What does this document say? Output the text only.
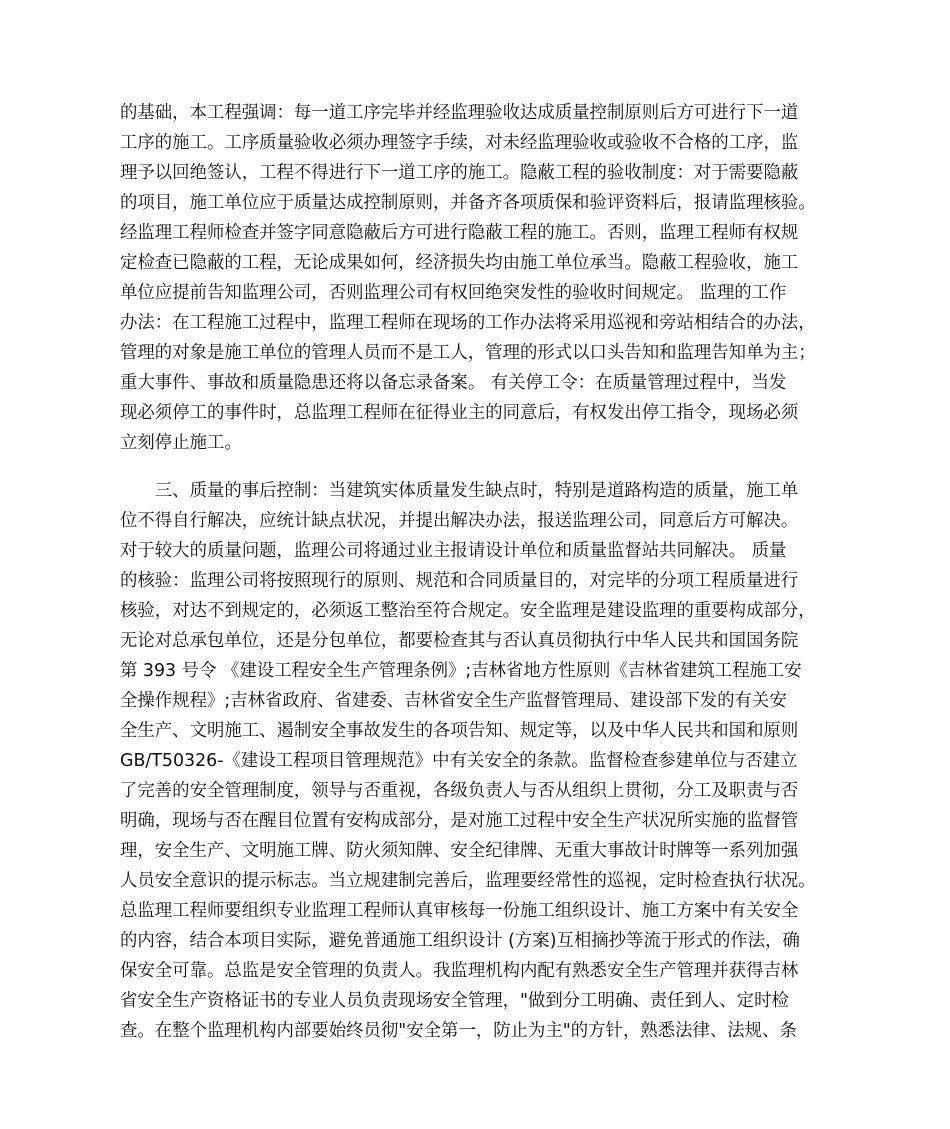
的基础，本工程强调：每一道工序完毕并经监理验收达成质量控制原则后方可进行下一道
工序的施工。工序质量验收必须办理签字手续，对未经监理验收或验收不合格的工序，监
理予以回绝签认，工程不得进行下一道工序的施工。隐蔽工程的验收制度：对于需要隐蔽
的项目，施工单位应于质量达成控制原则，并备齐各项质保和验评资料后，报请监理核验。
经监理工程师检查并签字同意隐蔽后方可进行隐蔽工程的施工。否则，监理工程师有权规
定检查已隐蔽的工程，无论成果如何，经济损失均由施工单位承当。隐蔽工程验收，施工
单位应提前告知监理公司，否则监理公司有权回绝突发性的验收时间规定。 监理的工作
办法：在工程施工过程中，监理工程师在现场的工作办法将采用巡视和旁站相结合的办法，
管理的对象是施工单位的管理人员而不是工人，管理的形式以口头告知和监理告知单为主；
重大事件、事故和质量隐患还将以备忘录备案。 有关停工令：在质量管理过程中，当发
现必须停工的事件时，总监理工程师在征得业主的同意后，有权发出停工指令，现场必须
立刻停止施工。
　　三、质量的事后控制：当建筑实体质量发生缺点时，特别是道路构造的质量，施工单
位不得自行解决，应统计缺点状况，并提出解决办法，报送监理公司，同意后方可解决。
对于较大的质量问题，监理公司将通过业主报请设计单位和质量监督站共同解决。 质量
的核验：监理公司将按照现行的原则、规范和合同质量目的，对完毕的分项工程质量进行
核验，对达不到规定的，必须返工整治至符合规定。安全监理是建设监理的重要构成部分，
无论对总承包单位，还是分包单位，都要检查其与否认真员彻执行中华人民共和国国务院
第 393 号令 《建设工程安全生产管理条例》;吉林省地方性原则《吉林省建筑工程施工安
全操作规程》;吉林省政府、省建委、吉林省安全生产监督管理局、建设部下发的有关安
全生产、文明施工、遏制安全事故发生的各项告知、规定等，以及中华人民共和国和原则
GB/T50326-《建设工程项目管理规范》中有关安全的条款。监督检查参建单位与否建立
了完善的安全管理制度，领导与否重视，各级负责人与否从组织上贯彻，分工及职责与否
明确，现场与否在醒目位置有安构成部分，是对施工过程中安全生产状况所实施的监督管
理，安全生产、文明施工牌、防火须知牌、安全纪律牌、无重大事故计时牌等一系列加强
人员安全意识的提示标志。当立规建制完善后，监理要经常性的巡视，定时检查执行状况。
总监理工程师要组织专业监理工程师认真审核每一份施工组织设计、施工方案中有关安全
的内容，结合本项目实际，避免普通施工组织设计 (方案)互相摘抄等流于形式的作法，确
保安全可靠。总监是安全管理的负责人。我监理机构内配有熟悉安全生产管理并获得吉林
省安全生产资格证书的专业人员负责现场安全管理，"做到分工明确、责任到人、定时检
查。在整个监理机构内部要始终员彻"安全第一，防止为主"的方针，熟悉法律、法规、条
